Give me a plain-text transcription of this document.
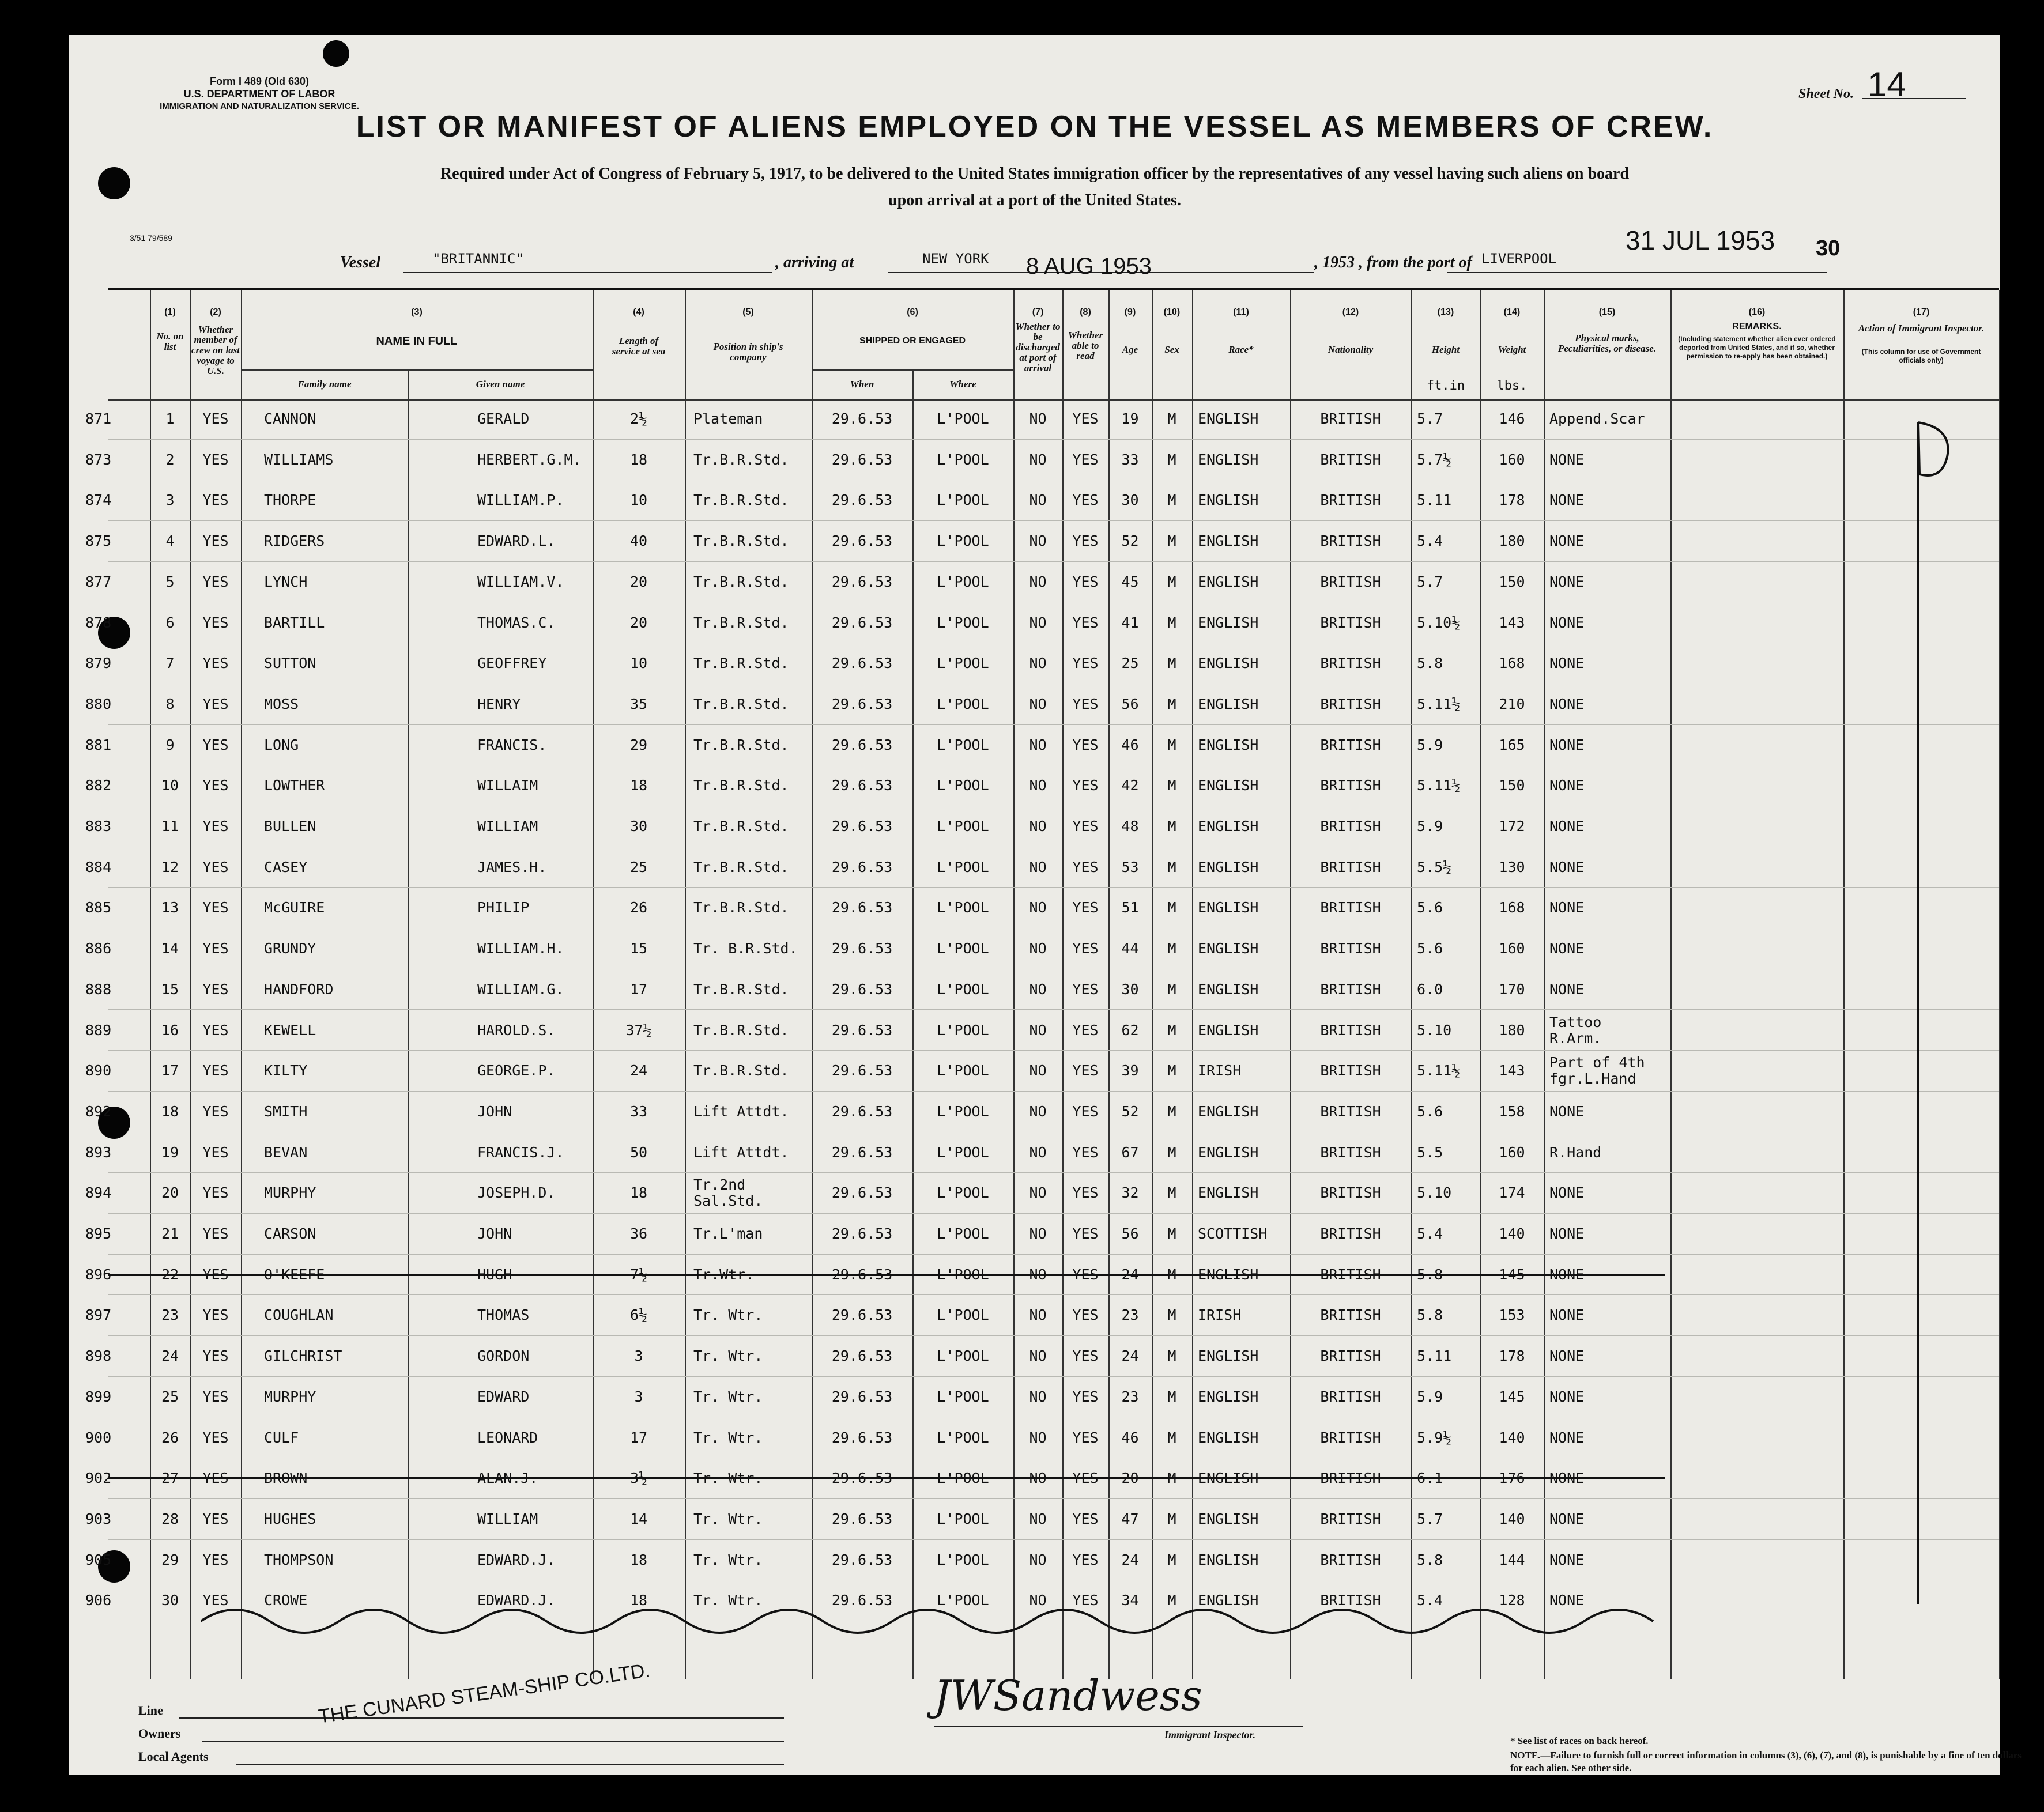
Form I 489 (Old 630)
U.S. DEPARTMENT OF LABOR
IMMIGRATION AND NATURALIZATION SERVICE.
Sheet No. 14
LIST OR MANIFEST OF ALIENS EMPLOYED ON THE VESSEL AS MEMBERS OF CREW.
Required under Act of Congress of February 5, 1917, to be delivered to the United States immigration officer by the representatives of any vessel having such aliens on board
upon arrival at a port of the United States.
3/51 79/589
Vessel	"BRITANNIC"	, arriving at	NEW YORK 8 AUG 1953	, 1953 , from the port of LIVERPOOL
31 JUL 1953 30
(1)
No. on list
(2)
Whether member of crew on last voyage to U.S.
(3)
NAME IN FULL
Family name	Given name
(4)
Length of service at sea
(5)
Position in ship's company
(6)
SHIPPED OR ENGAGED
When	Where
(7)
Whether to be discharged at port of arrival
(8)
Whether able to read
(9)
Age
(10)
Sex
(11)
Race*
(12)
Nationality
(13)
Height
ft.in
(14)
Weight
lbs.
(15)
Physical marks, Peculiarities, or disease.
(16)
REMARKS.
(Including statement whether alien ever ordered deported from United States, and if so, whether permission to re-apply has been obtained.)
(17)
Action of Immigrant Inspector.
(This column for use of Government officials only)
871	1	YES	CANNON	GERALD	2½	Plateman	29.6.53	L'POOL	NO	YES	19	M	ENGLISH	BRITISH	5.7	146	Append.Scar
873	2	YES	WILLIAMS	HERBERT.G.M.	18	Tr.B.R.Std.	29.6.53	L'POOL	NO	YES	33	M	ENGLISH	BRITISH	5.7½	160	NONE
874	3	YES	THORPE	WILLIAM.P.	10	Tr.B.R.Std.	29.6.53	L'POOL	NO	YES	30	M	ENGLISH	BRITISH	5.11	178	NONE
875	4	YES	RIDGERS	EDWARD.L.	40	Tr.B.R.Std.	29.6.53	L'POOL	NO	YES	52	M	ENGLISH	BRITISH	5.4	180	NONE
877	5	YES	LYNCH	WILLIAM.V.	20	Tr.B.R.Std.	29.6.53	L'POOL	NO	YES	45	M	ENGLISH	BRITISH	5.7	150	NONE
878	6	YES	BARTILL	THOMAS.C.	20	Tr.B.R.Std.	29.6.53	L'POOL	NO	YES	41	M	ENGLISH	BRITISH	5.10½	143	NONE
879	7	YES	SUTTON	GEOFFREY	10	Tr.B.R.Std.	29.6.53	L'POOL	NO	YES	25	M	ENGLISH	BRITISH	5.8	168	NONE
880	8	YES	MOSS	HENRY	35	Tr.B.R.Std.	29.6.53	L'POOL	NO	YES	56	M	ENGLISH	BRITISH	5.11½	210	NONE
881	9	YES	LONG	FRANCIS.	29	Tr.B.R.Std.	29.6.53	L'POOL	NO	YES	46	M	ENGLISH	BRITISH	5.9	165	NONE
882	10	YES	LOWTHER	WILLAIM	18	Tr.B.R.Std.	29.6.53	L'POOL	NO	YES	42	M	ENGLISH	BRITISH	5.11½	150	NONE
883	11	YES	BULLEN	WILLIAM	30	Tr.B.R.Std.	29.6.53	L'POOL	NO	YES	48	M	ENGLISH	BRITISH	5.9	172	NONE
884	12	YES	CASEY	JAMES.H.	25	Tr.B.R.Std.	29.6.53	L'POOL	NO	YES	53	M	ENGLISH	BRITISH	5.5½	130	NONE
885	13	YES	McGUIRE	PHILIP	26	Tr.B.R.Std.	29.6.53	L'POOL	NO	YES	51	M	ENGLISH	BRITISH	5.6	168	NONE
886	14	YES	GRUNDY	WILLIAM.H.	15	Tr. B.R.Std.	29.6.53	L'POOL	NO	YES	44	M	ENGLISH	BRITISH	5.6	160	NONE
888	15	YES	HANDFORD	WILLIAM.G.	17	Tr.B.R.Std.	29.6.53	L'POOL	NO	YES	30	M	ENGLISH	BRITISH	6.0	170	NONE
889	16	YES	KEWELL	HAROLD.S.	37½	Tr.B.R.Std.	29.6.53	L'POOL	NO	YES	62	M	ENGLISH	BRITISH	5.10	180	Tattoo
R.Arm.
890	17	YES	KILTY	GEORGE.P.	24	Tr.B.R.Std.	29.6.53	L'POOL	NO	YES	39	M	IRISH	BRITISH	5.11½	143	Part of 4th
fgr.L.Hand
892	18	YES	SMITH	JOHN	33	Lift Attdt.	29.6.53	L'POOL	NO	YES	52	M	ENGLISH	BRITISH	5.6	158	NONE
893	19	YES	BEVAN	FRANCIS.J.	50	Lift Attdt.	29.6.53	L'POOL	NO	YES	67	M	ENGLISH	BRITISH	5.5	160	R.Hand
894	20	YES	MURPHY	JOSEPH.D.	18	Tr.2nd
Sal.Std.	29.6.53	L'POOL	NO	YES	32	M	ENGLISH	BRITISH	5.10	174	NONE
895	21	YES	CARSON	JOHN	36	Tr.L'man	29.6.53	L'POOL	NO	YES	56	M	SCOTTISH	BRITISH	5.4	140	NONE
896	22	YES	O'KEEFE	HUGH	7½	Tr.Wtr.	29.6.53	L'POOL	NO	YES	24	M	ENGLISH	BRITISH	5.8	145	NONE
897	23	YES	COUGHLAN	THOMAS	6½	Tr. Wtr.	29.6.53	L'POOL	NO	YES	23	M	IRISH	BRITISH	5.8	153	NONE
898	24	YES	GILCHRIST	GORDON	3	Tr. Wtr.	29.6.53	L'POOL	NO	YES	24	M	ENGLISH	BRITISH	5.11	178	NONE
899	25	YES	MURPHY	EDWARD	3	Tr. Wtr.	29.6.53	L'POOL	NO	YES	23	M	ENGLISH	BRITISH	5.9	145	NONE
900	26	YES	CULF	LEONARD	17	Tr. Wtr.	29.6.53	L'POOL	NO	YES	46	M	ENGLISH	BRITISH	5.9½	140	NONE
902	27	YES	BROWN	ALAN.J.	3½	Tr. Wtr.	29.6.53	L'POOL	NO	YES	20	M	ENGLISH	BRITISH	6.1	176	NONE
903	28	YES	HUGHES	WILLIAM	14	Tr. Wtr.	29.6.53	L'POOL	NO	YES	47	M	ENGLISH	BRITISH	5.7	140	NONE
905	29	YES	THOMPSON	EDWARD.J.	18	Tr. Wtr.	29.6.53	L'POOL	NO	YES	24	M	ENGLISH	BRITISH	5.8	144	NONE
906	30	YES	CROWE	EDWARD.J.	18	Tr. Wtr.	29.6.53	L'POOL	NO	YES	34	M	ENGLISH	BRITISH	5.4	128	NONE
Line
Owners
Local Agents
THE CUNARD STEAM-SHIP CO.LTD.	JWSandwess
Immigrant Inspector.
* See list of races on back hereof.
NOTE.—Failure to furnish full or correct information in columns (3), (6), (7), and (8), is punishable by a fine of ten dollars for each alien. See other side.
